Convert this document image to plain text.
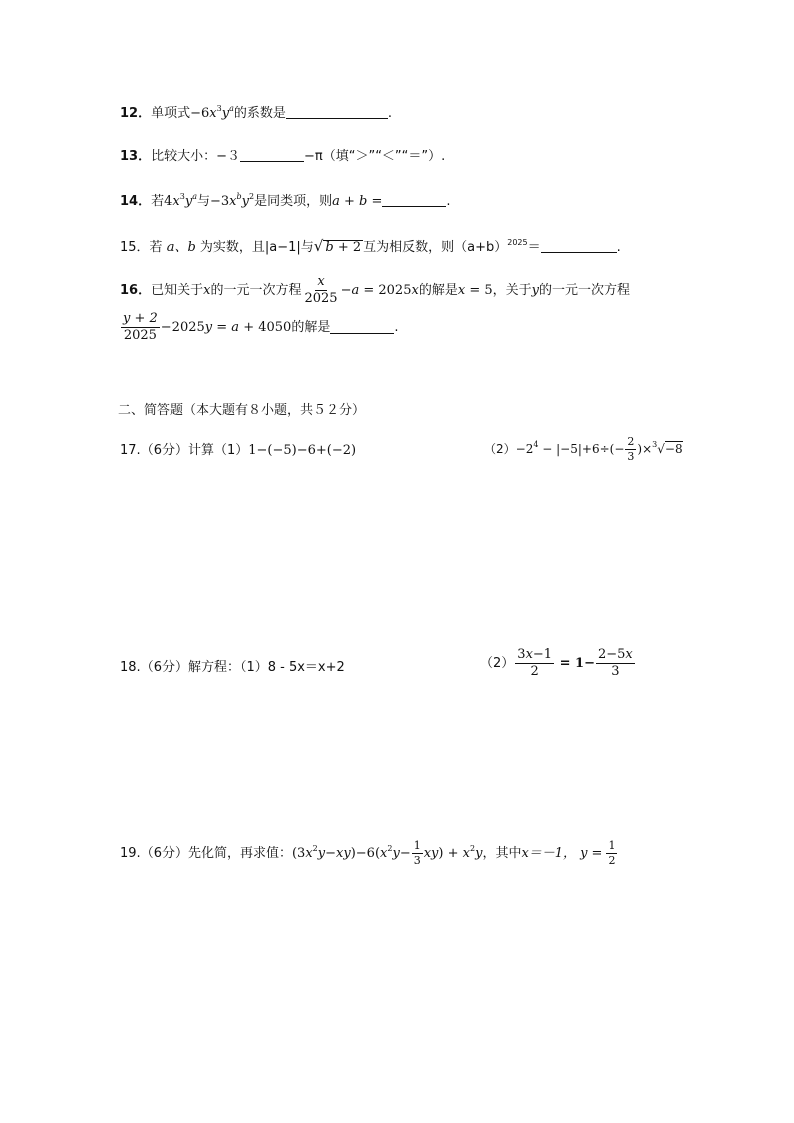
12．单项式$-6x^3y^a$的系数是	.
13．比较大小：−３	−π（填“＞”“＜”“＝”）.
14．若$4x^3y^a$与$-3x^by^2$是同类项，则a + b =	.
15．若 a、b 为实数，且|a−1|与√ b + 2 互为相反数，则$(a+b)^{2025}=$	.
16． 已知关于 x 的一元一次方程 $\frac{x}{2025} -a = 2025x$ 的解是 x = 5 ，关于 y 的一元一次方程
$\frac{y + 2}{2025} -2025y = a + 4050$ 的解是	.
二、简答题（本大题有８小题，共５２分）
17. （6分）计算（1） 1−(−5)−6+(−2)	$(2) -2^4 - |-5|+6\div(- \frac{2}{3} )\times^3√-8$
18.（6分）解方程：（1）8 - 5x＝x+2	$(2) \frac{3x-1}{2} = 1- \frac{2-5x}{3}$
19. （6分）先化简，再求值： $(3x^2y-xy)-6(x^2y- \frac{1}{3} xy) + x^2y$ ，其中 x＝－1， $y = \frac{1}{2}$
